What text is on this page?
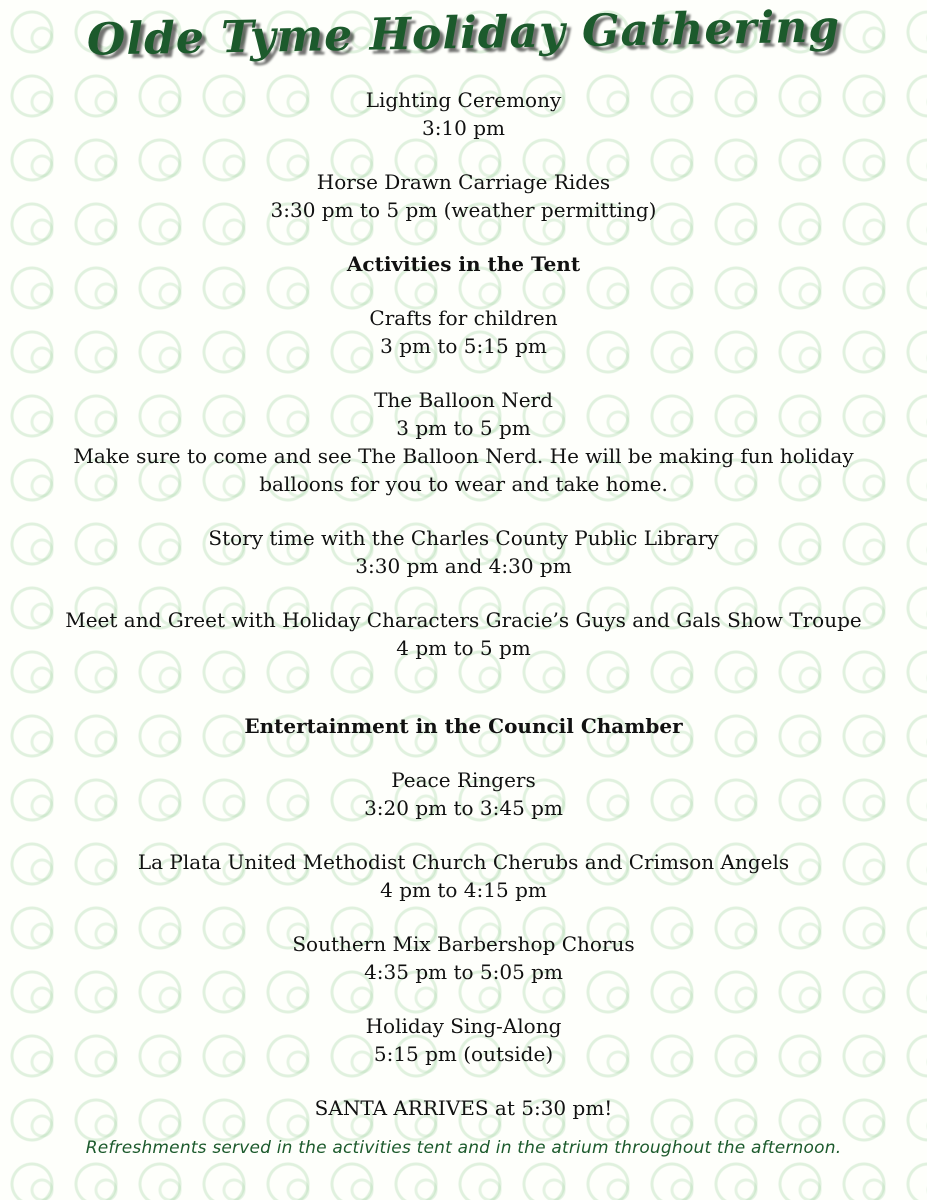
Olde Tyme Holiday Gathering
Lighting Ceremony
3:10 pm
Horse Drawn Carriage Rides
3:30 pm to 5 pm (weather permitting)
Activities in the Tent
Crafts for children
3 pm to 5:15 pm
The Balloon Nerd
3 pm to 5 pm
Make sure to come and see The Balloon Nerd. He will be making fun holiday balloons for you to wear and take home.
Story time with the Charles County Public Library
3:30 pm and 4:30 pm
Meet and Greet with Holiday Characters Gracie’s Guys and Gals Show Troupe
4 pm to 5 pm
Entertainment in the Council Chamber
Peace Ringers
3:20 pm to 3:45 pm
La Plata United Methodist Church Cherubs and Crimson Angels
4 pm to 4:15 pm
Southern Mix Barbershop Chorus
4:35 pm to 5:05 pm
Holiday Sing-Along
5:15 pm (outside)
SANTA ARRIVES at 5:30 pm!
Refreshments served in the activities tent and in the atrium throughout the afternoon.
